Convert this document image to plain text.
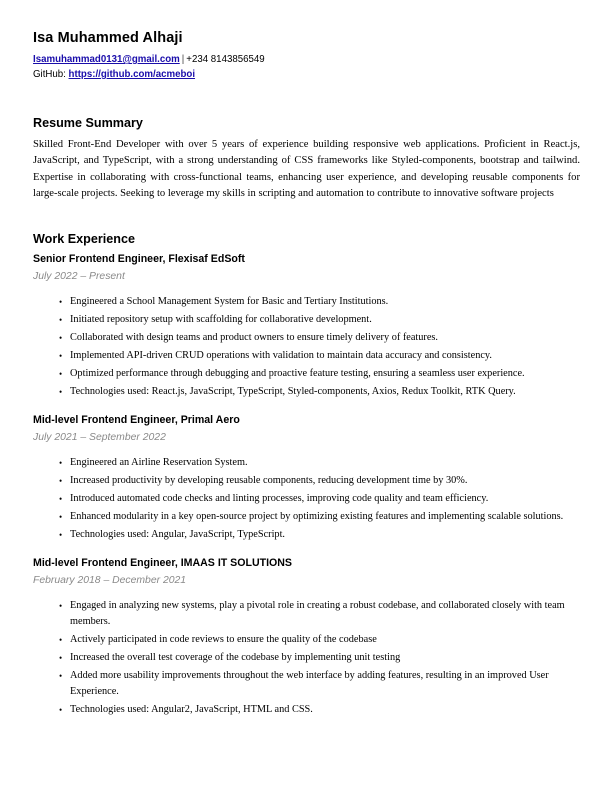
Isa Muhammed Alhaji
Isamuhammad0131@gmail.com | +234 8143856549
GitHub: https://github.com/acmeboi
Resume Summary

Skilled Front-End Developer with over 5 years of experience building responsive web applications. Proficient in React.js, JavaScript, and TypeScript, with a strong understanding of CSS frameworks like Styled-components, bootstrap and tailwind. Expertise in collaborating with cross-functional teams, enhancing user experience, and developing reusable components for large-scale projects. Seeking to leverage my skills in scripting and automation to contribute to innovative software projects

Work Experience
Senior Frontend Engineer, Flexisaf EdSoft
July 2022 – Present
• Engineered a School Management System for Basic and Tertiary Institutions.
• Initiated repository setup with scaffolding for collaborative development.
• Collaborated with design teams and product owners to ensure timely delivery of features.
• Implemented API-driven CRUD operations with validation to maintain data accuracy and consistency.
• Optimized performance through debugging and proactive feature testing, ensuring a seamless user experience.
• Technologies used: React.js, JavaScript, TypeScript, Styled-components, Axios, Redux Toolkit, RTK Query.
Mid-level Frontend Engineer, Primal Aero
July 2021 – September 2022
• Engineered an Airline Reservation System.
• Increased productivity by developing reusable components, reducing development time by 30%.
• Introduced automated code checks and linting processes, improving code quality and team efficiency.
• Enhanced modularity in a key open-source project by optimizing existing features and implementing scalable solutions.
• Technologies used: Angular, JavaScript, TypeScript.
Mid-level Frontend Engineer, IMAAS IT SOLUTIONS
February 2018 – December 2021
• Engaged in analyzing new systems, play a pivotal role in creating a robust codebase, and collaborated closely with team members.
• Actively participated in code reviews to ensure the quality of the codebase
• Increased the overall test coverage of the codebase by implementing unit testing
• Added more usability improvements throughout the web interface by adding features, resulting in an improved User Experience.
• Technologies used: Angular2, JavaScript, HTML and CSS.
